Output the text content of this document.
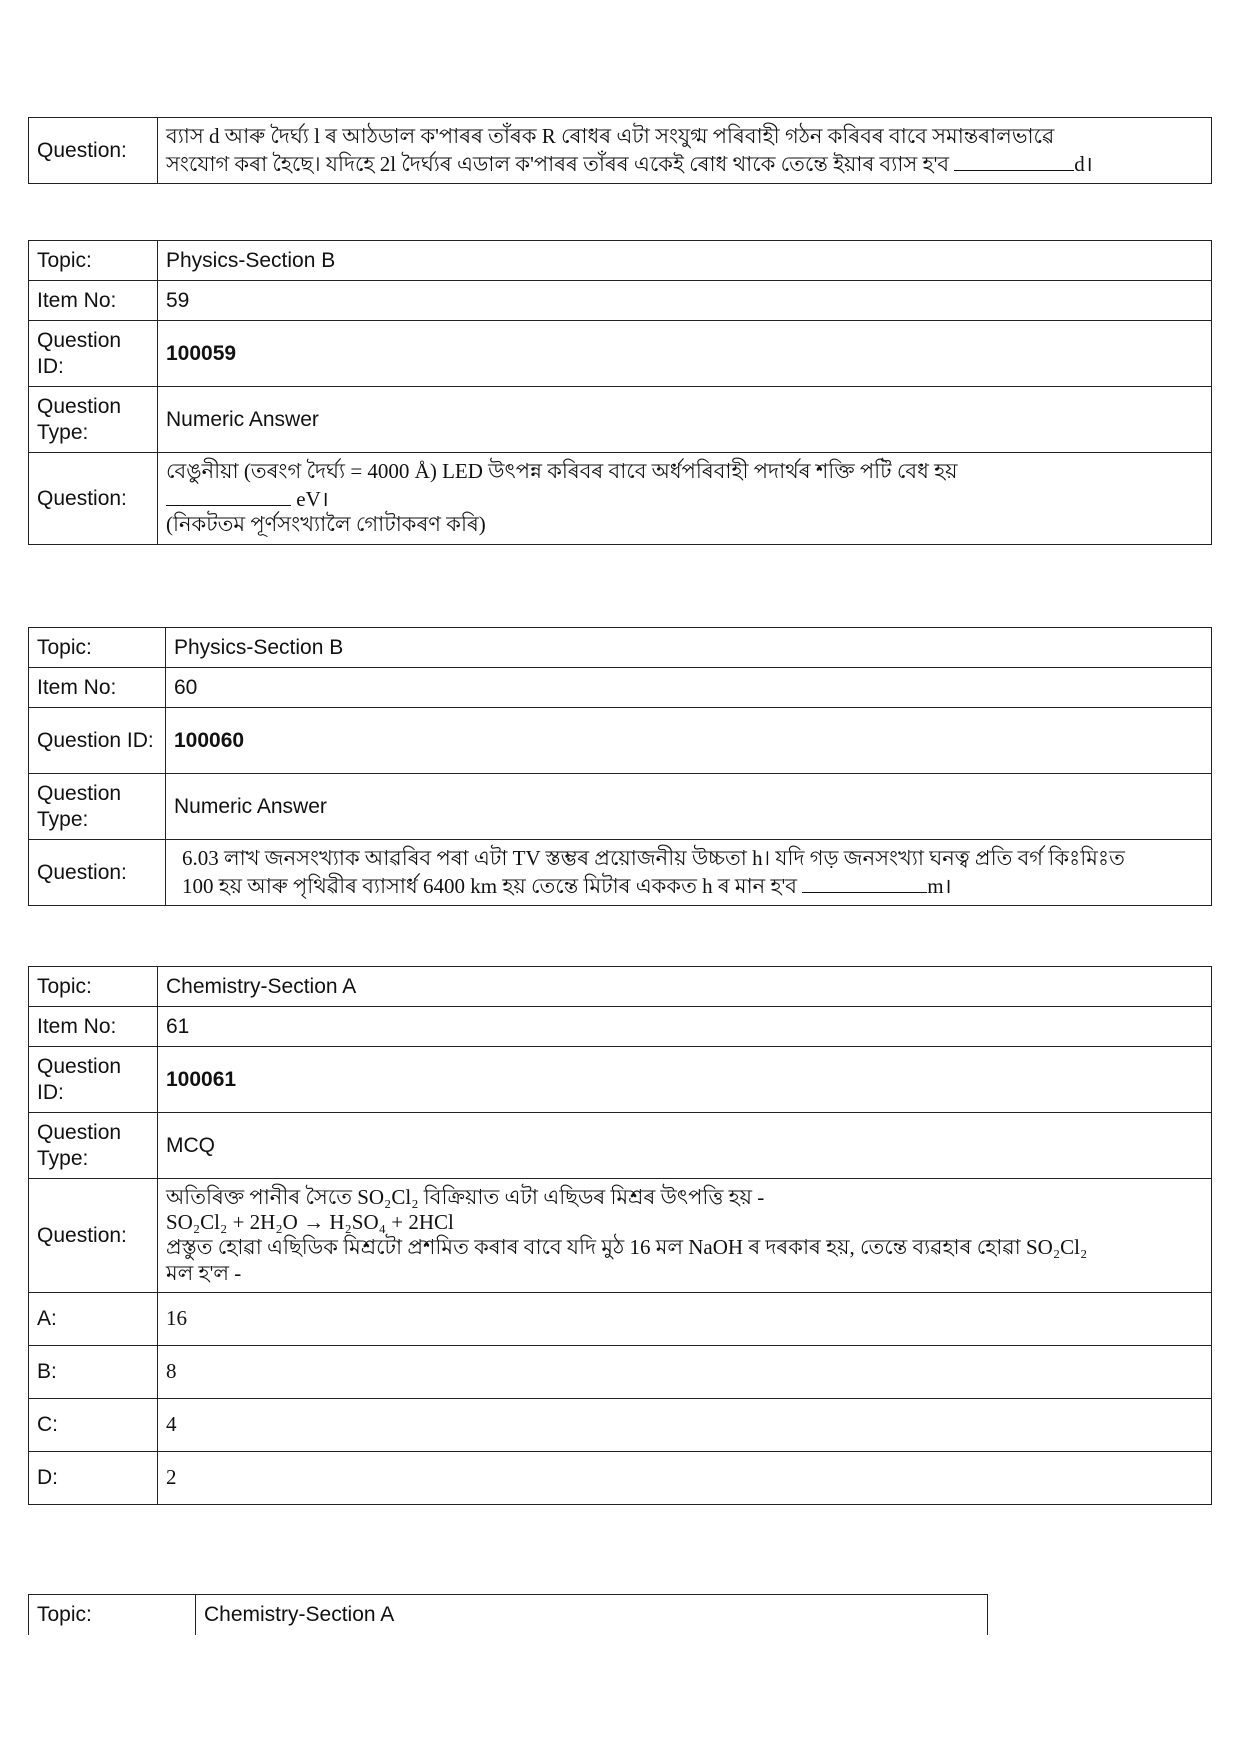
Question:	
ব্যাস d আৰু দৈৰ্ঘ্য l ৰ আঠডাল ক'পাৰৰ তাঁৰক R ৰোধৰ এটা সংযুগ্ম পৰিবাহী গঠন কৰিবৰ বাবে সমান্তৰালভাৱে
সংযোগ কৰা হৈছে। যদিহে 2l দৈৰ্ঘ্যৰ এডাল ক'পাৰৰ তাঁৰৰ একেই ৰোধ থাকে তেন্তে ইয়াৰ ব্যাস হ'ব	d।
Topic:	Physics-Section B
Item No:	59
Question ID:	100059
Question Type:	Numeric Answer
Question:	বেঙুনীয়া (তৰংগ দৈৰ্ঘ্য = 4000 Å) LED উৎপন্ন কৰিবৰ বাবে অৰ্ধপৰিবাহী পদাৰ্থৰ শক্তি পটি বেধ হয়
eV।
(নিকটতম পূৰ্ণসংখ্যালৈ গোটাকৰণ কৰি)
Topic:	Physics-Section B
Item No:	60
Question ID:	100060
Question Type:	Numeric Answer
Question:	6.03 লাখ জনসংখ্যাক আৱৰিব পৰা এটা TV স্তম্ভৰ প্ৰয়োজনীয় উচ্চতা h। যদি গড় জনসংখ্যা ঘনত্ব প্ৰতি বৰ্গ কিঃমিঃত
100 হয় আৰু পৃথিৱীৰ ব্যাসাৰ্ধ 6400 km হয় তেন্তে মিটাৰ এককত h ৰ মান হ'ব m।
Topic:	Chemistry-Section A
Item No:	61
Question ID:	100061
Question Type:	MCQ
Question:	অতিৰিক্ত পানীৰ সৈতে SO₂Cl₂ বিক্ৰিয়াত এটা এছিডৰ মিশ্ৰৰ উৎপত্তি হয় -
SO₂Cl₂ + 2H₂O → H₂SO₄ + 2HCl
প্ৰস্তুত হোৱা এছিডিক মিশ্ৰটো প্ৰশমিত কৰাৰ বাবে যদি মুঠ 16 মল NaOH ৰ দৰকাৰ হয়, তেন্তে ব্যৱহাৰ হোৱা SO₂Cl₂
মল হ'ল -

A:	16
B:	8
C:	4
D:	2
Topic:	Chemistry-Section A
